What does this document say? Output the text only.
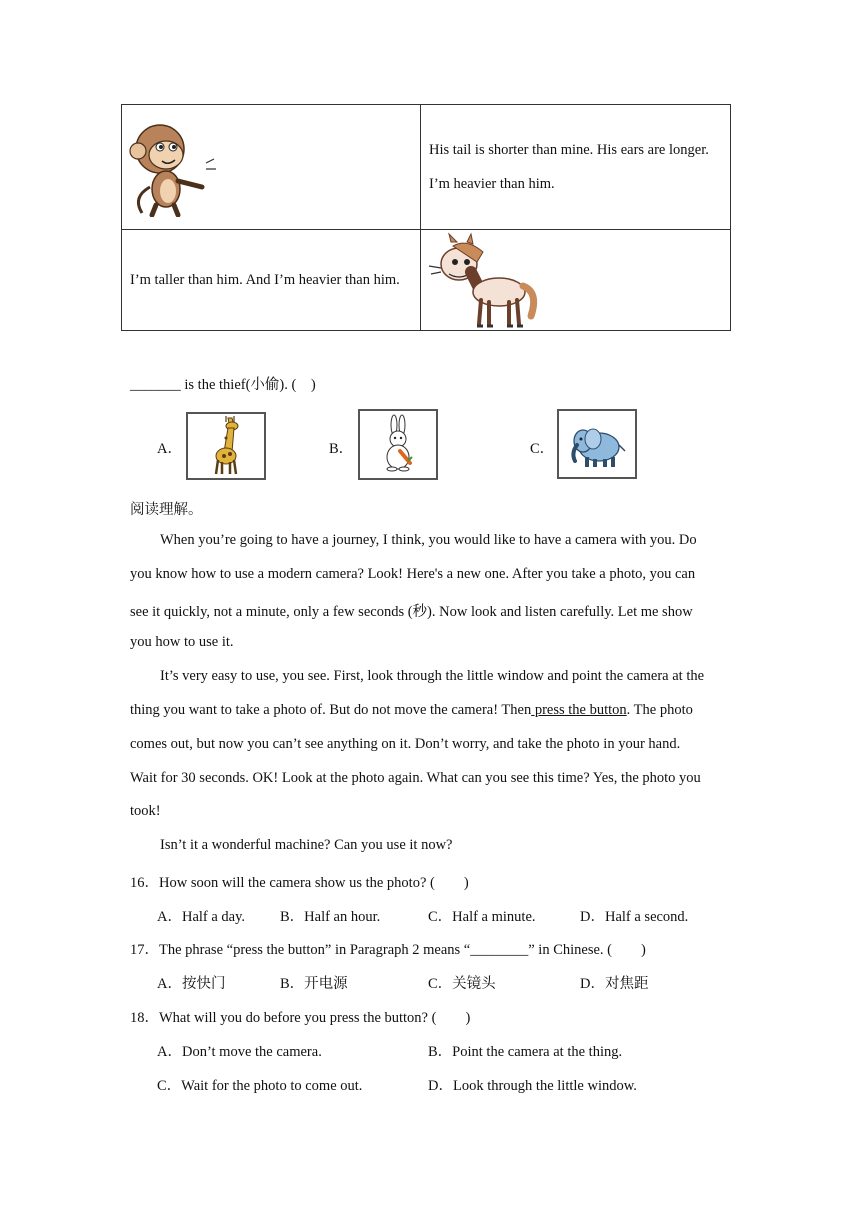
His tail is shorter than mine. His ears are longer.
I’m heavier than him.

I’m taller than him. And I’m heavier than him.

_______ is the thief(小偷). (　)
A．	B．	C．
阅读理解。
When you’re going to have a journey, I think, you would like to have a camera with you. Do
you know how to use a modern camera? Look! Here's a new one. After you take a photo, you can
see it quickly, not a minute, only a few seconds (秒). Now look and listen carefully. Let me show
you how to use it.
It’s very easy to use, you see. First, look through the little window and point the camera at the
thing you want to take a photo of. But do not move the camera! Then press the button. The photo
comes out, but now you can’t see anything on it. Don’t worry, and take the photo in your hand.
Wait for 30 seconds. OK! Look at the photo again. What can you see this time? Yes, the photo you
took!
Isn’t it a wonderful machine? Can you use it now?
16．How soon will the camera show us the photo? (　　)
A．Half a day. B．Half an hour.	C．Half a minute.	D．Half a second.
17．The phrase “press the button” in Paragraph 2 means “________” in Chinese. (　　)
A．按快门	B．开电源	C．关镜头	D．对焦距
18．What will you do before you press the button? (　　)
A．Don’t move the camera.	B．Point the camera at the thing.
C．Wait for the photo to come out.	D．Look through the little window.
